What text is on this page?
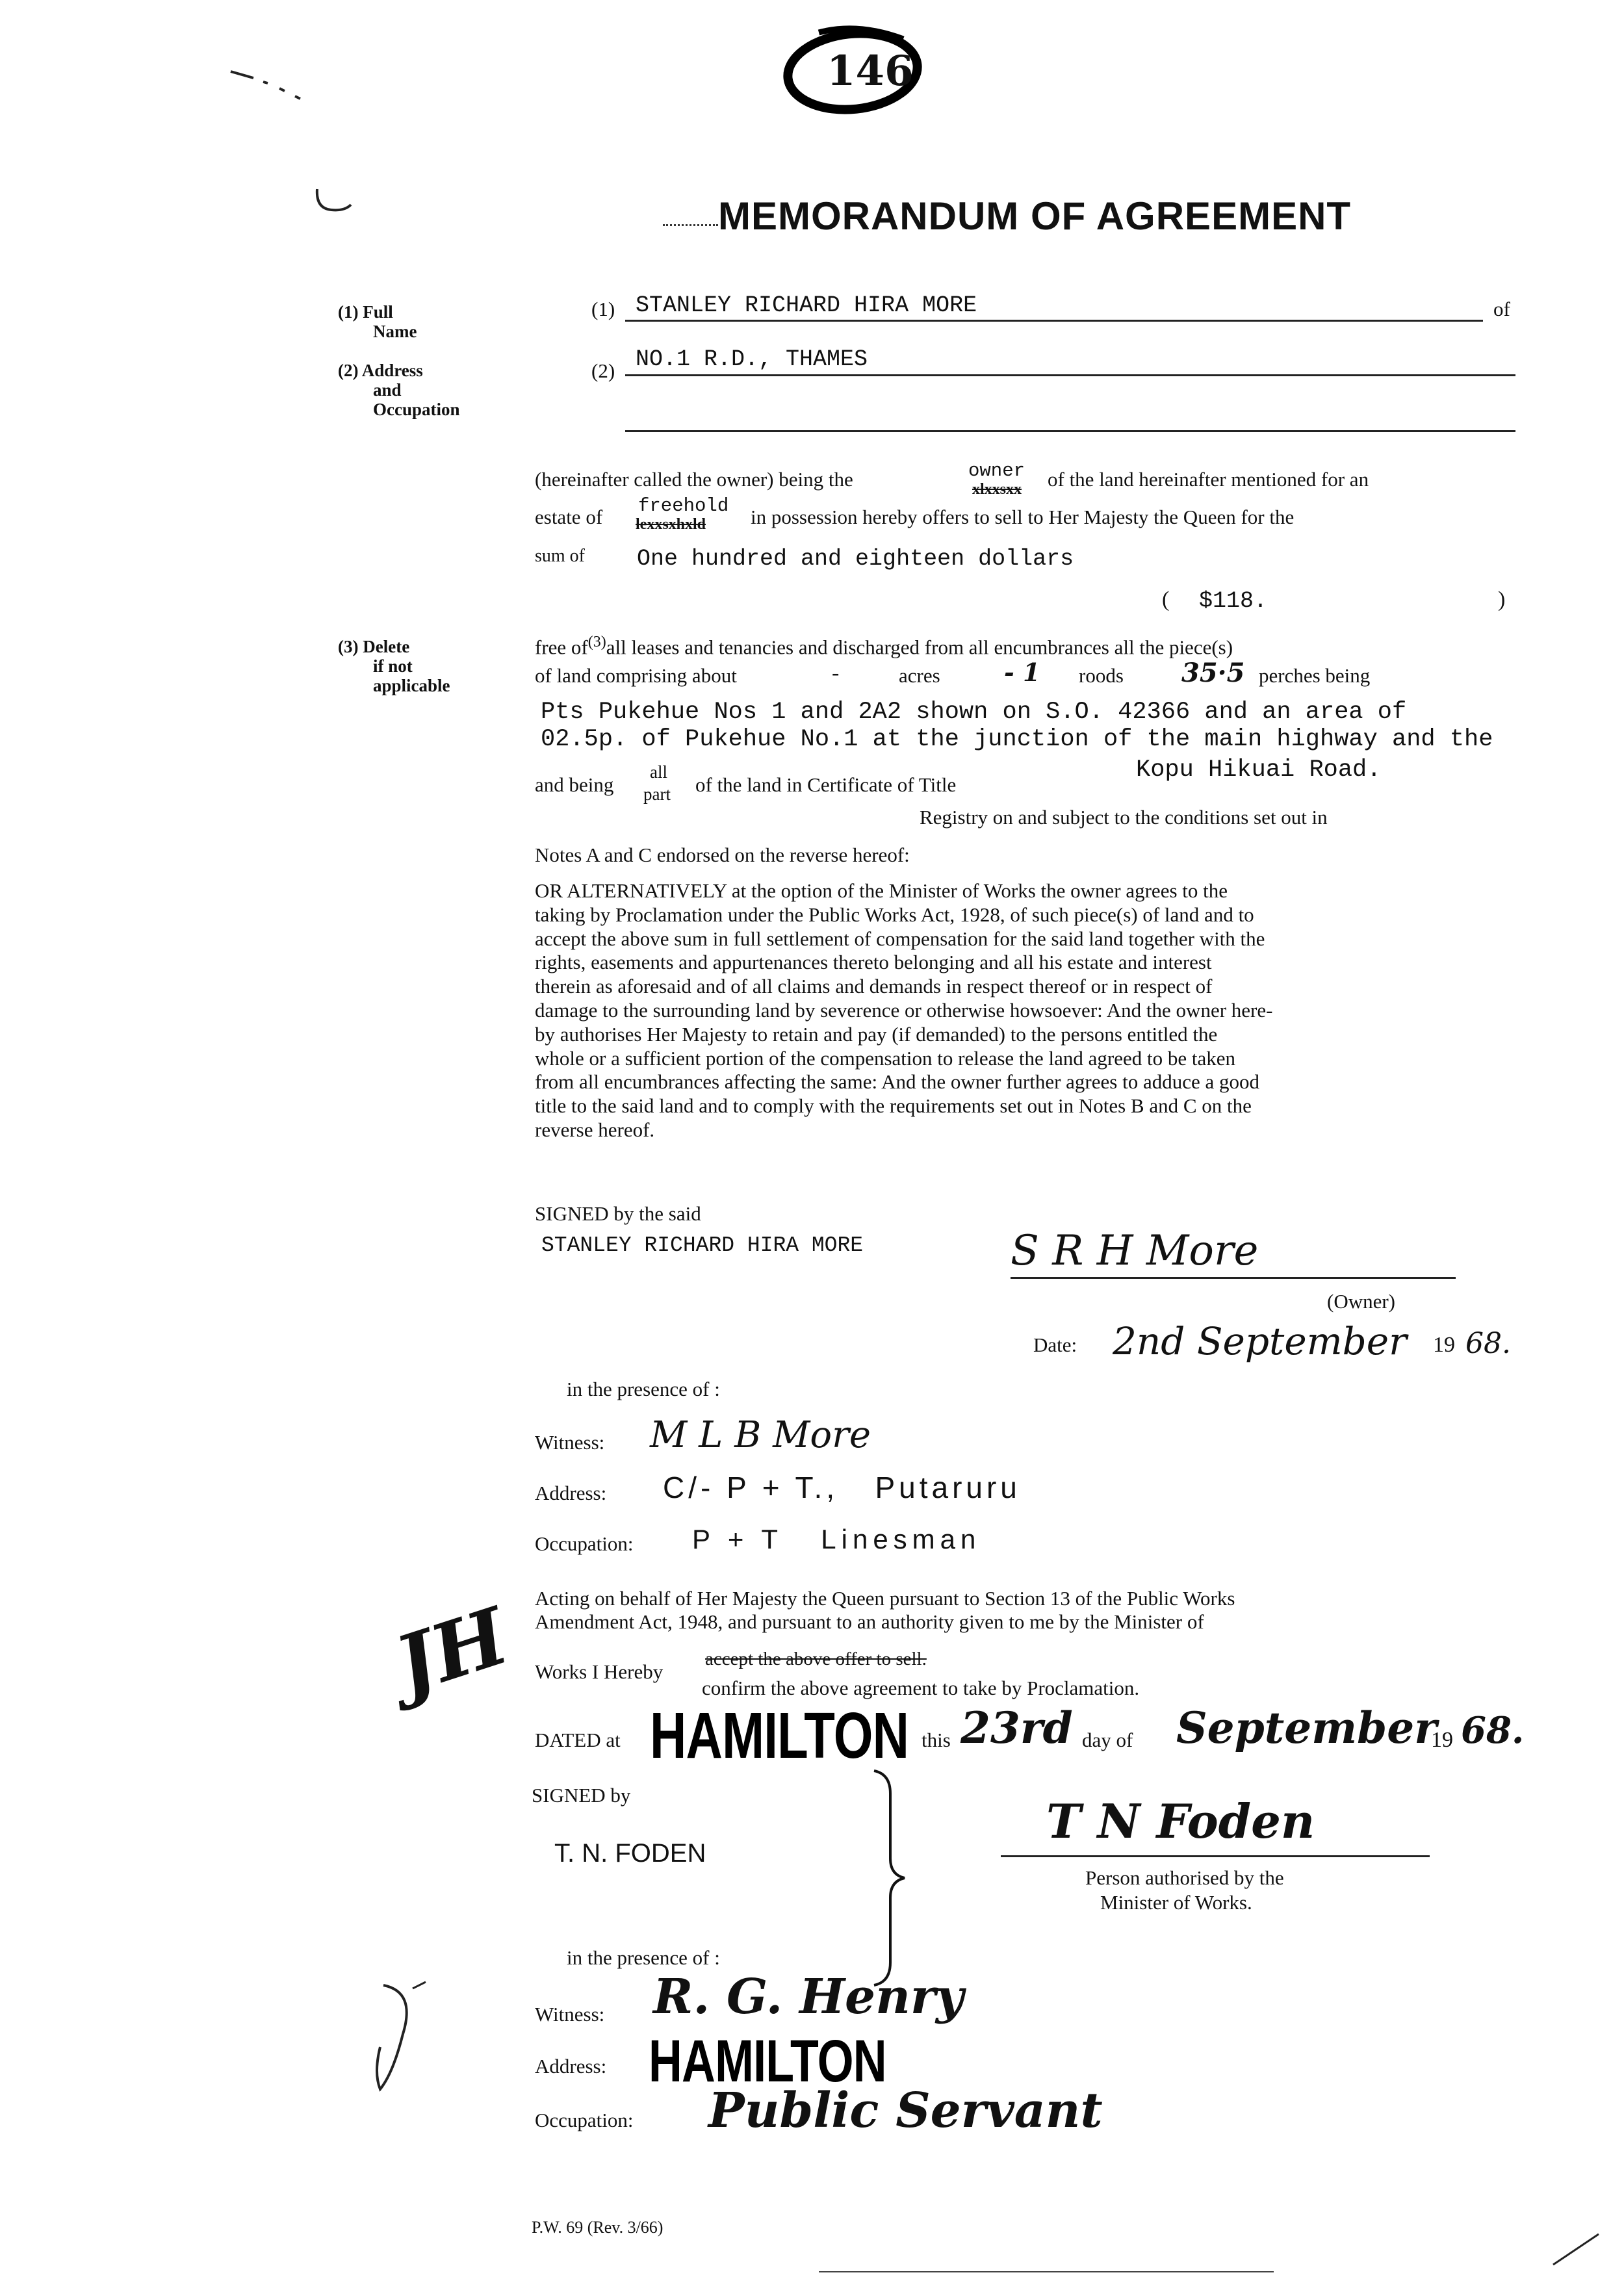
146
MEMORANDUM OF AGREEMENT
(1) Full
Name
(2) Address
and
Occupation
(3) Delete
if not
applicable
(1) STANLEY RICHARD HIRA MORE	of
(2) NO.1 R.D., THAMES
(hereinafter called the owner) being the	owner
xlxxsxx of the land hereinafter mentioned for an
estate of freehold
lexxsxhxld in possession hereby offers to sell to Her Majesty the Queen for the
sum of One hundred and eighteen dollars
( $118.	)
free $of^{(3)}all$ leases and tenancies and discharged from all encumbrances all the piece(s)
of land comprising about	-	acres	- 1 roods 35·5 perches being
Pts Pukehue Nos 1 and 2A2 shown on S.O. 42366 and an area of
02.5p. of Pukehue No.1 at the junction of the main highway and the
and being
all
part of the land in Certificate of Title
Kopu Hikuai Road.
Registry on and subject to the conditions set out in
Notes A and C endorsed on the reverse hereof:
OR ALTERNATIVELY at the option of the Minister of Works the owner agrees to the
taking by Proclamation under the Public Works Act, 1928, of such piece(s) of land and to
accept the above sum in full settlement of compensation for the said land together with the
rights, easements and appurtenances thereto belonging and all his estate and interest
therein as aforesaid and of all claims and demands in respect thereof or in respect of
damage to the surrounding land by severence or otherwise howsoever: And the owner here-
by authorises Her Majesty to retain and pay (if demanded) to the persons entitled the
whole or a sufficient portion of the compensation to release the land agreed to be taken
from all encumbrances affecting the same: And the owner further agrees to adduce a good
title to the said land and to comply with the requirements set out in Notes B and C on the
reverse hereof.
SIGNED by the said
STANLEY RICHARD HIRA MORE	S R H More
(Owner)
Date: 2nd September 19 68.
in the presence of :
Witness: M L B More
Address: C/- P + T.,   Putaruru
Occupation: P + T   Linesman
JH Acting on behalf of Her Majesty the Queen pursuant to Section 13 of the Public Works
Amendment Act, 1948, and pursuant to an authority given to me by the Minister of
Works I Hereby
accept the above offer to sell.
confirm the above agreement to take by Proclamation.
DATED at HAMILTON this 23rd day of September
19 68.
SIGNED by
T. N. FODEN
T N Foden
Person authorised by the
Minister of Works.
in the presence of :
Witness: R. G. Henry
Address: HAMILTON
Occupation: Public Servant
P.W. 69 (Rev. 3/66)
